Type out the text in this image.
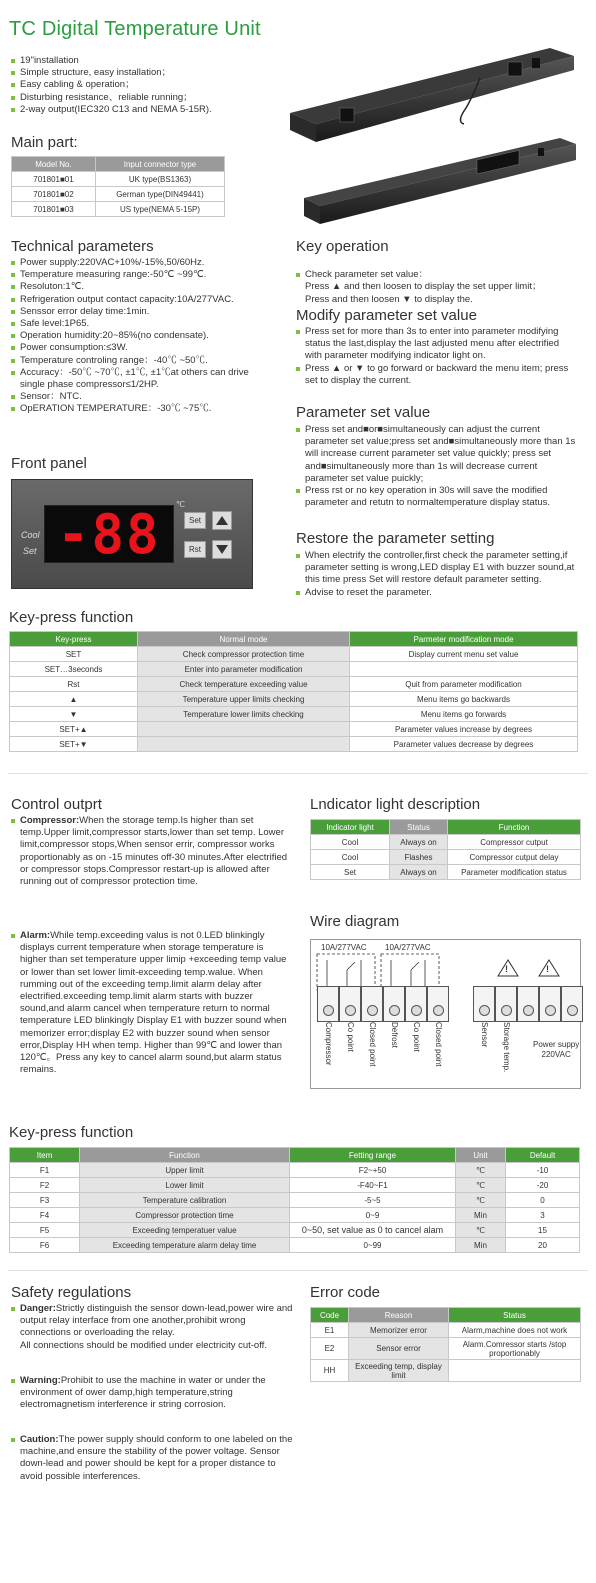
TC Digital Temperature Unit
19"installation
Simple structure, easy installation；
Easy cabling & operation；
Disturbing resistance、reliable running；
2-way output(IEC320 C13 and NEMA 5-15R).
Main part:
Model No.	Input connector type
701801■01	UK type(BS1363)
701801■02	German type(DIN49441)
701801■03	US type(NEMA 5-15P)
Technical parameters
Power supply:220VAC+10%/-15%,50/60Hz.
Temperature measuring range:-50℃ ~99℃.
Resoluton:1℃.
Refrigeration output contact capacity:10A/277VAC.
Senssor error delay time:1min.
Safe level:1P65.
Operation humidity:20~85%(no condensate).
Power consumption:≤3W.
Temperature controling range：-40℃ ~50℃.
Accuracy：-50℃ ~70℃, ±1℃, ±1℃at others can drive single phase compressor≤1/2HP.
Sensor：NTC.
OpERATION TEMPERATURE：-30℃ ~75℃.
Front panel
Cool
Set -88 ℃
Set
Rst
Key operation

Check parameter set value：
Press ▲ and then loosen to display the set upper limit；
Press and then loosen ▼ to display the.

Modify parameter set value
Press set for more than 3s to enter into parameter modifying status the last,display the last adjusted menu after electrified with parameter modifying indicator light on.
Press ▲ or ▼ to go forward or backward the menu item; press set to display the current.
Parameter set value
Press set and■or■simultaneously can adjust the current parameter set value;press set and■simultaneously more than 1s will increase current parameter set value quickly; press set and■simultaneously more than 1s will decrease current parameter set value puickly;
Press rst or no key operation in 30s will save the modified parameter and retutn to normaltemperature display status.
Restore the parameter setting
When electrify the controller,first check the parameter setting,if parameter setting is wrong,LED display E1 with buzzer sound,at this time press Set will restore default parameter setting.
Advise to reset the parameter.
Key-press function
Key-press	Normal mode	Parmeter modification mode
SET	Check compressor protection time	Display current menu set value
SET…3seconds	Enter into parameter modification	
Rst	Check temperature exceeding value	Quit from parameter modification
▲	Temperature upper limits checking	Menu items go backwards
▼	Temperature lower limits checking	Menu items go forwards
SET+▲		Parameter values increase by degrees
SET+▼		Parameter values decrease by degrees
Control outprt
Compressor:When the storage temp.Is higher than set temp.Upper limit,compressor starts,lower than set temp. Lower limit,compressor stops,When sensor errir, compressor works proportionably as on -15 minutes off-30 minutes.After electrified or compressor stops.Compressor restart-up is allowed after running out of compressor protection time.
Alarm:While temp.exceeding valus is not 0.LED blinkingly displays current temperature when storage temperature is higher than set temperature upper limip +exceeding temp value or lower than set lower limit-exceeding temp.walue. When rumming out of the exceeding temp.limit alarm delay after electrified.exceeding temp.limit alarm starts with buzzer sound,and alarm cancel when temperature return to normal temperature LED blinkingly Display E1 with buzzer sound when memorizer error;display E2 with buzzer sound when sensor error,Display HH when temp. Higher than 99℃ and lower than 120℃。Press any key to cancel alarm sound,but alarm status remains.
Lndicator light description
Indicator light	Status	Function
Cool	Always on	Compressor cutput
Cool	Flashes	Compressor cutput delay
Set	Always on	Parameter modification status
Wire diagram
10A/277VAC 10A/277VAC
!	!
Power suppy
220VAC
Compressor Co point Closed point Defrost Co point Closed point	Sensor Storage temp.
Key-press function
Item	Function	Fetting range	Unit	Default
F1	Upper limit	F2~+50	℃	-10
F2	Lower limit	-F40~F1	℃	-20
F3	Temperature calibration	-5~5	℃	0
F4	Compressor protection time	0~9	Min	3
F5	Exceeding temperatuer value	0~50, set value as 0 to cancel alam	℃	15
F6	Exceeding temperature alarm delay time	0~99	Min	20
Safety regulations
Danger:Strictly distinguish the sensor down-lead,power wire and output relay interface from one another,prohibit wrong connections or overloading the relay.
All connections should be modified under electricity cut-off.
Warning:Prohibit to use the machine in water or under the environment of ower damp,high temperature,string electromagnetism interference ir string corrosion.
Caution:The power supply should conform to one labeled on the machine,and ensure the stability of the power voltage. Sensor down-lead and power should be kept for a proper distance to avoid possible interferences.
Error code
Code	Reason	Status
E1	Memorizer error	Alarm,machine does not work
E2	Sensor error	Alarm.Comressor starts /stop proportionably
HH	Exceeding temp, display limit	
